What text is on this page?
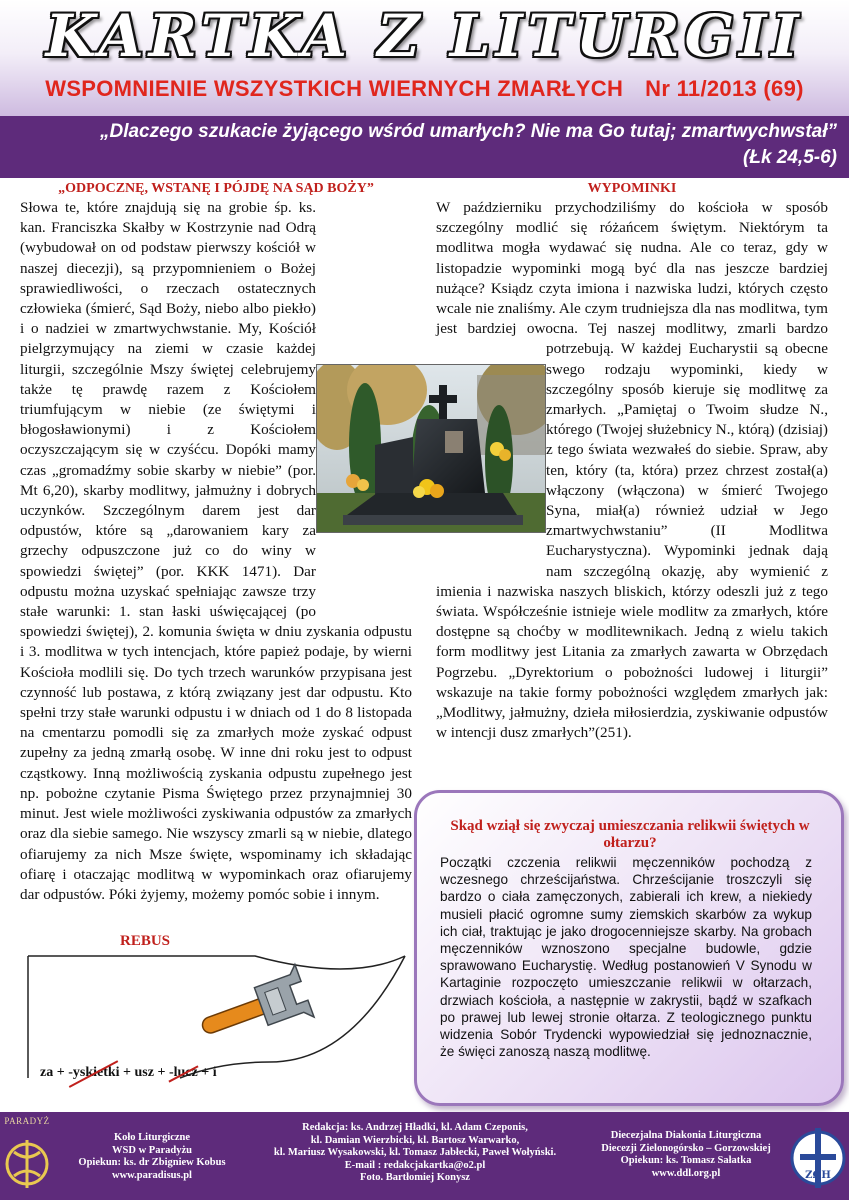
KARTKA Z LITURGII
WSPOMNIENIE WSZYSTKICH WIERNYCH ZMARŁYCH Nr 11/2013 (69)
„Dlaczego szukacie żyjącego wśród umarłych? Nie ma Go tutaj; zmartwychwstał”
(Łk 24,5-6)
„ODPOCZNĘ, WSTANĘ I PÓJDĘ NA SĄD BOŻY”

Słowa te, które znajdują się na grobie śp. ks. kan. Franciszka Skałby w Kostrzynie nad Odrą (wybudował on od podstaw pierwszy kościół w naszej diecezji), są przypomnieniem o Bożej sprawiedliwości, o rzeczach ostatecznych człowieka (śmierć, Sąd Boży, niebo albo piekło) i o nadziei w zmartwychwstanie. My, Kościół pielgrzymujący na ziemi w czasie każdej liturgii, szczególnie Mszy świętej celebrujemy także tę prawdę razem z Kościołem triumfującym w niebie (ze świętymi i błogosławionymi) i z Kościołem oczyszczającym się w czyśćcu. Dopóki mamy czas „gromadźmy sobie skarby w niebie” (por. Mt 6,20), skarby modlitwy, jałmużny i dobrych uczynków. Szczególnym darem jest dar odpustów, które są „darowaniem kary za grzechy odpuszczone już co do winy w spowiedzi świętej” (por. KKK 1471). Dar odpustu można uzyskać spełniając zawsze trzy stałe warunki: 1. stan łaski uświęcającej (po spowiedzi świętej), 2. komunia święta w dniu zyskania odpustu i 3. modlitwa w tych intencjach, które papież podaje, by wierni Kościoła modlili się. Do tych trzech warunków przypisana jest czynność lub postawa, z którą związany jest dar odpustu. Kto spełni trzy stałe warunki odpustu i w dniach od 1 do 8 listopada na cmentarzu pomodli się za zmarłych może zyskać odpust zupełny za jedną zmarłą osobę. W inne dni roku jest to odpust cząstkowy. Inną możliwością zyskania odpustu zupełnego jest np. pobożne czytanie Pisma Świętego przez przynajmniej 30 minut. Jest wiele możliwości zyskiwania odpustów za zmarłych oraz dla siebie samego. Nie wszyscy zmarli są w niebie, dlatego ofiarujemy za nich Msze święte, wspominamy ich składając ofiarę i otaczając modlitwą w wypominkach oraz ofiarujemy dar odpustów. Póki żyjemy, możemy pomóc sobie i innym.

WYPOMINKI

W październiku przychodziliśmy do kościoła w sposób szczególny modlić się różańcem świętym. Niektórym ta modlitwa mogła wydawać się nudna. Ale co teraz, gdy w listopadzie wypominki mogą być dla nas jeszcze bardziej nużące? Ksiądz czyta imiona i nazwiska ludzi, których często wcale nie znaliśmy. Ale czym trudniejsza dla nas modlitwa, tym jest bardziej owocna. Tej naszej modlitwy, zmarli bardzo potrzebują. W każdej Eucharystii są obecne swego rodzaju wypominki, kiedy w szczególny sposób kieruje się modlitwę za zmarłych. „Pamiętaj o Twoim słudze N., którego (Twojej służebnicy N., którą) (dzisiaj) z tego świata wezwałeś do siebie. Spraw, aby ten, który (ta, która) przez chrzest został(a) włączony (włączona) w śmierć Twojego Syna, miał(a) również udział w Jego zmartwychwstaniu” (II Modlitwa Eucharystyczna). Wypominki jednak dają nam szczególną okazję, aby wymienić z imienia i nazwiska naszych bliskich, którzy odeszli już z tego świata. Współcześnie istnieje wiele modlitw za zmarłych, które dostępne są choćby w modlitewnikach. Jedną z wielu takich form modlitwy jest Litania za zmarłych zawarta w Obrzędach Pogrzebu. „Dyrektorium o pobożności ludowej i liturgii” wskazuje na takie formy pobożności względem zmarłych jak: „Modlitwy, jałmużny, dzieła miłosierdzia, zyskiwanie odpustów w intencji dusz zmarłych”(251).

REBUS
za + -yskietki + usz + -lucz + i
Skąd wziął się zwyczaj umieszczania relikwii świętych w ołtarzu?

Początki czczenia relikwii męczenników pochodzą z wczesnego chrześcijaństwa. Chrześcijanie troszczyli się bardzo o ciała zamęczonych, zabierali ich krew, a niekiedy musieli płacić ogromne sumy ziemskich skarbów za wykup ich ciał, traktując je jako drogocenniejsze skarby. Na grobach męczenników wznoszono specjalne budowle, gdzie sprawowano Eucharystię. Według postanowień V Synodu w Kartaginie rozpoczęto umieszczanie relikwii w ołtarzach, drzwiach kościoła, a następnie w zakrystii, bądź w szafkach po prawej lub lewej stronie ołtarza. Z teologicznego punktu widzenia Sobór Trydencki wypowiedział się jednoznacznie, że święci zanoszą naszą modlitwę.

PARADYŻ
Koło Liturgiczne
WSD w Paradyżu
Opiekun: ks. dr Zbigniew Kobus
www.paradisus.pl
Redakcja: ks. Andrzej Hładki, kl. Adam Czeponis,
kl. Damian Wierzbicki, kl. Bartosz Warwarko,
kl. Mariusz Wysakowski, kl. Tomasz Jabłecki, Paweł Wołyński.
E-mail : redakcjakartka@o2.pl
Foto. Bartłomiej Konysz
Diecezjalna Diakonia Liturgiczna
Diecezji Zielonogórsko – Gorzowskiej
Opiekun: ks. Tomasz Sałatka
www.ddl.org.pl	ZΩH
